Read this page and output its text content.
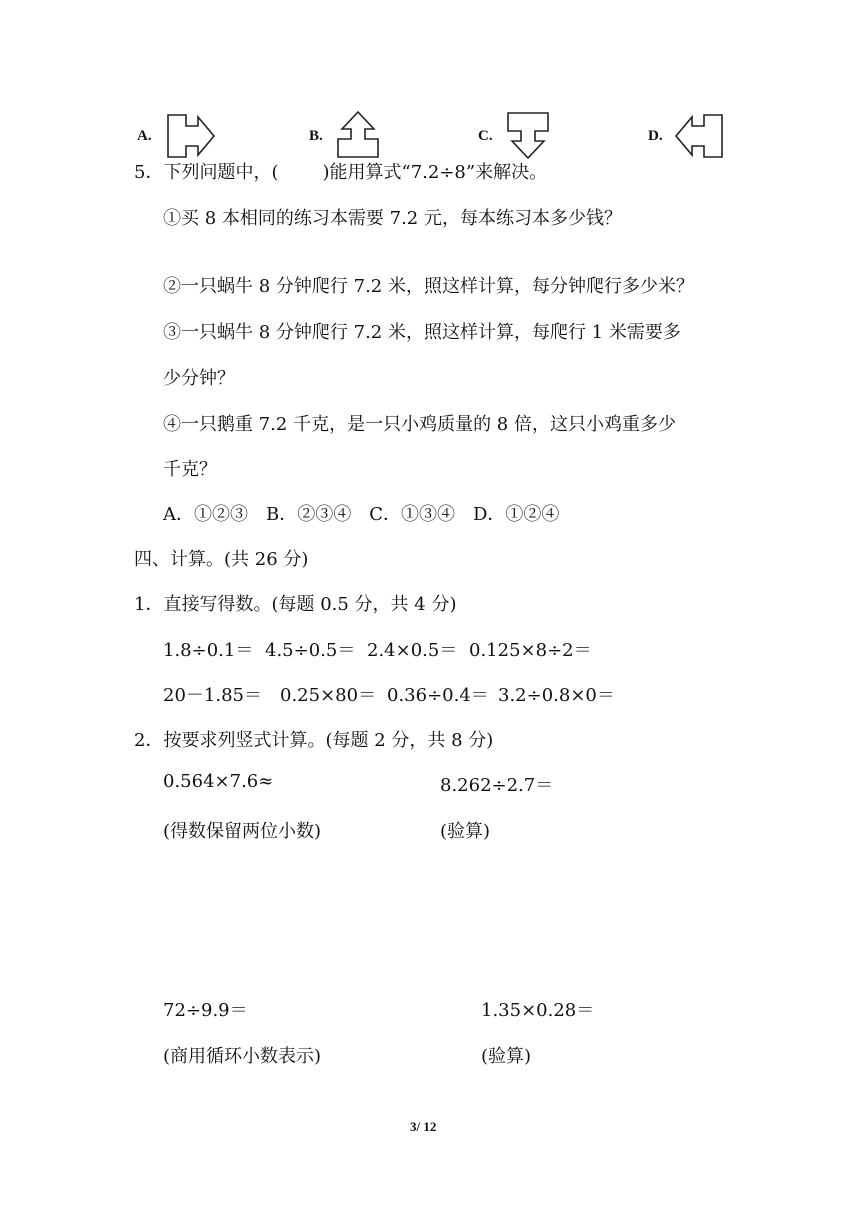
A.	B.	C.	D.
5．下列问题中，( )能用算式“7.2÷8”来解决。
①买 8 本相同的练习本需要 7.2 元，每本练习本多少钱？
②一只蜗牛 8 分钟爬行 7.2 米，照这样计算，每分钟爬行多少米？
③一只蜗牛 8 分钟爬行 7.2 米，照这样计算，每爬行 1 米需要多
少分钟？
④一只鹅重 7.2 千克，是一只小鸡质量的 8 倍，这只小鸡重多少
千克？
A．①②③　B．②③④　C．①③④　D．①②④
四、计算。(共 26 分)
1．直接写得数。(每题 0.5 分，共 4 分)
1.8÷0.1＝ 4.5÷0.5＝ 2.4×0.5＝ 0.125×8÷2＝
20－1.85＝ 0.25×80＝ 0.36÷0.4＝ 3.2÷0.8×0＝
2．按要求列竖式计算。(每题 2 分，共 8 分)
0.564×7.6≈
(得数保留两位小数)
8.262÷2.7＝
(验算)
72÷9.9＝
(商用循环小数表示)
1.35×0.28＝
(验算)
3/ 12
